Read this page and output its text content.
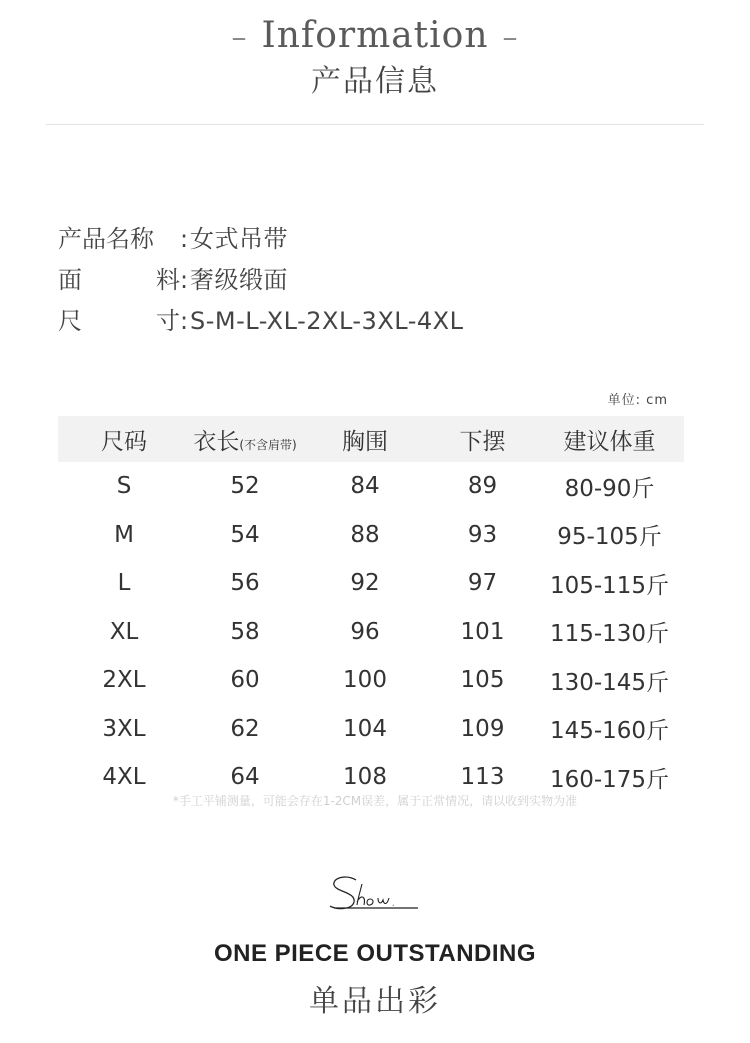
– Information –
产品信息
产品名称 : 女式吊带
面	料 : 奢级缎面
尺	寸 : S-M-L-XL-2XL-3XL-4XL
单位: cm
尺码	衣长(不含肩带)	胸围	下摆	建议体重
S	52	84	89	80-90斤
M	54	88	93	95-105斤
L	56	92	97	105-115斤
XL	58	96	101	115-130斤
2XL	60	100	105	130-145斤
3XL	62	104	109	145-160斤
4XL	64	108	113	160-175斤
*手工平铺测量，可能会存在1-2CM误差，属于正常情况，请以收到实物为准
ONE PIECE OUTSTANDING
单品出彩
